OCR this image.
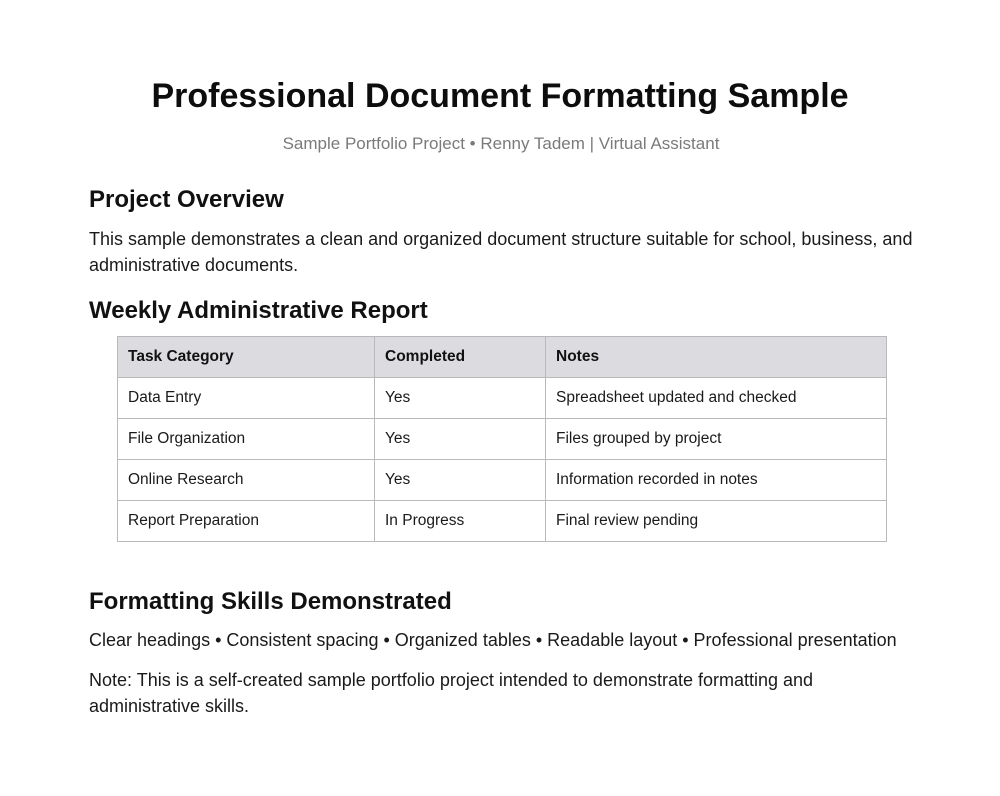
Professional Document Formatting Sample

Sample Portfolio Project • Renny Tadem | Virtual Assistant

Project Overview

This sample demonstrates a clean and organized document structure suitable for school, business, and administrative documents.

Weekly Administrative Report
Task Category	Completed	Notes
Data Entry	Yes	Spreadsheet updated and checked
File Organization	Yes	Files grouped by project
Online Research	Yes	Information recorded in notes
Report Preparation	In Progress	Final review pending
Formatting Skills Demonstrated

Clear headings • Consistent spacing • Organized tables • Readable layout • Professional presentation

Note: This is a self-created sample portfolio project intended to demonstrate formatting and administrative skills.
